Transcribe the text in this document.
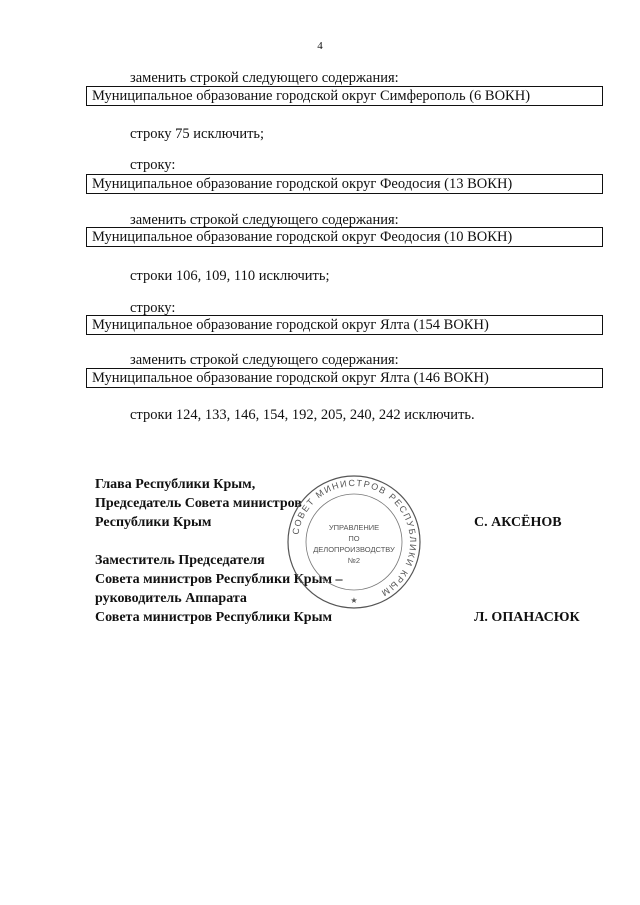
4
заменить строкой следующего содержания:
Муниципальное образование городской округ Симферополь (6 ВОКН)
строку 75 исключить;
строку:
Муниципальное образование городской округ Феодосия (13 ВОКН)
заменить строкой следующего содержания:
Муниципальное образование городской округ Феодосия (10 ВОКН)
строки 106, 109, 110 исключить;
строку:
Муниципальное образование городской округ Ялта (154 ВОКН)
заменить строкой следующего содержания:
Муниципальное образование городской округ Ялта (146 ВОКН)
строки 124, 133, 146, 154, 192, 205, 240, 242 исключить.
Глава Республики Крым,
Председатель Совета министров
Республики Крым	С. АКСЁНОВ
Заместитель Председателя
Совета министров Республики Крым –
руководитель Аппарата
Совета министров Республики Крым	Л. ОПАНАСЮК
СОВЕТ МИНИСТРОВ РЕСПУБЛИКИ КРЫМ
УПРАВЛЕНИЕ
ПО
ДЕЛОПРОИЗВОДСТВУ
№2
★
